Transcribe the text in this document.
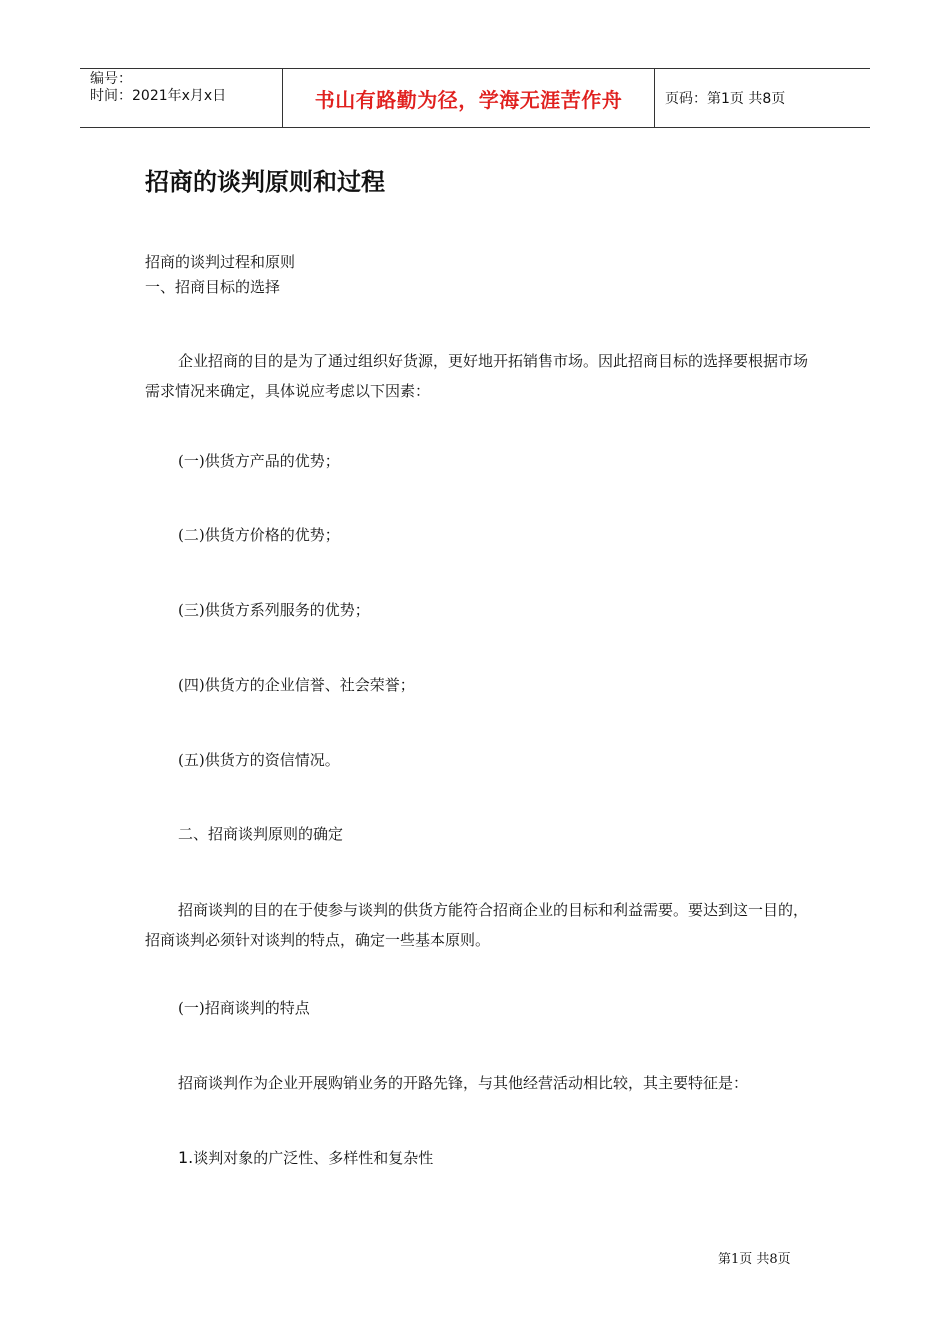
编号：
时间：2021年x月x日	书山有路勤为径，学海无涯苦作舟	页码：第1页 共8页
招商的谈判原则和过程

招商的谈判过程和原则

一、招商目标的选择

企业招商的目的是为了通过组织好货源，更好地开拓销售市场。因此招商目标的选择要根据市场需求情况来确定，具体说应考虑以下因素：

(一)供货方产品的优势；

(二)供货方价格的优势；

(三)供货方系列服务的优势；

(四)供货方的企业信誉、社会荣誉；

(五)供货方的资信情况。

二、招商谈判原则的确定

招商谈判的目的在于使参与谈判的供货方能符合招商企业的目标和利益需要。要达到这一目的，招商谈判必须针对谈判的特点，确定一些基本原则。

(一)招商谈判的特点

招商谈判作为企业开展购销业务的开路先锋，与其他经营活动相比较，其主要特征是：

1.谈判对象的广泛性、多样性和复杂性

第1页 共8页
